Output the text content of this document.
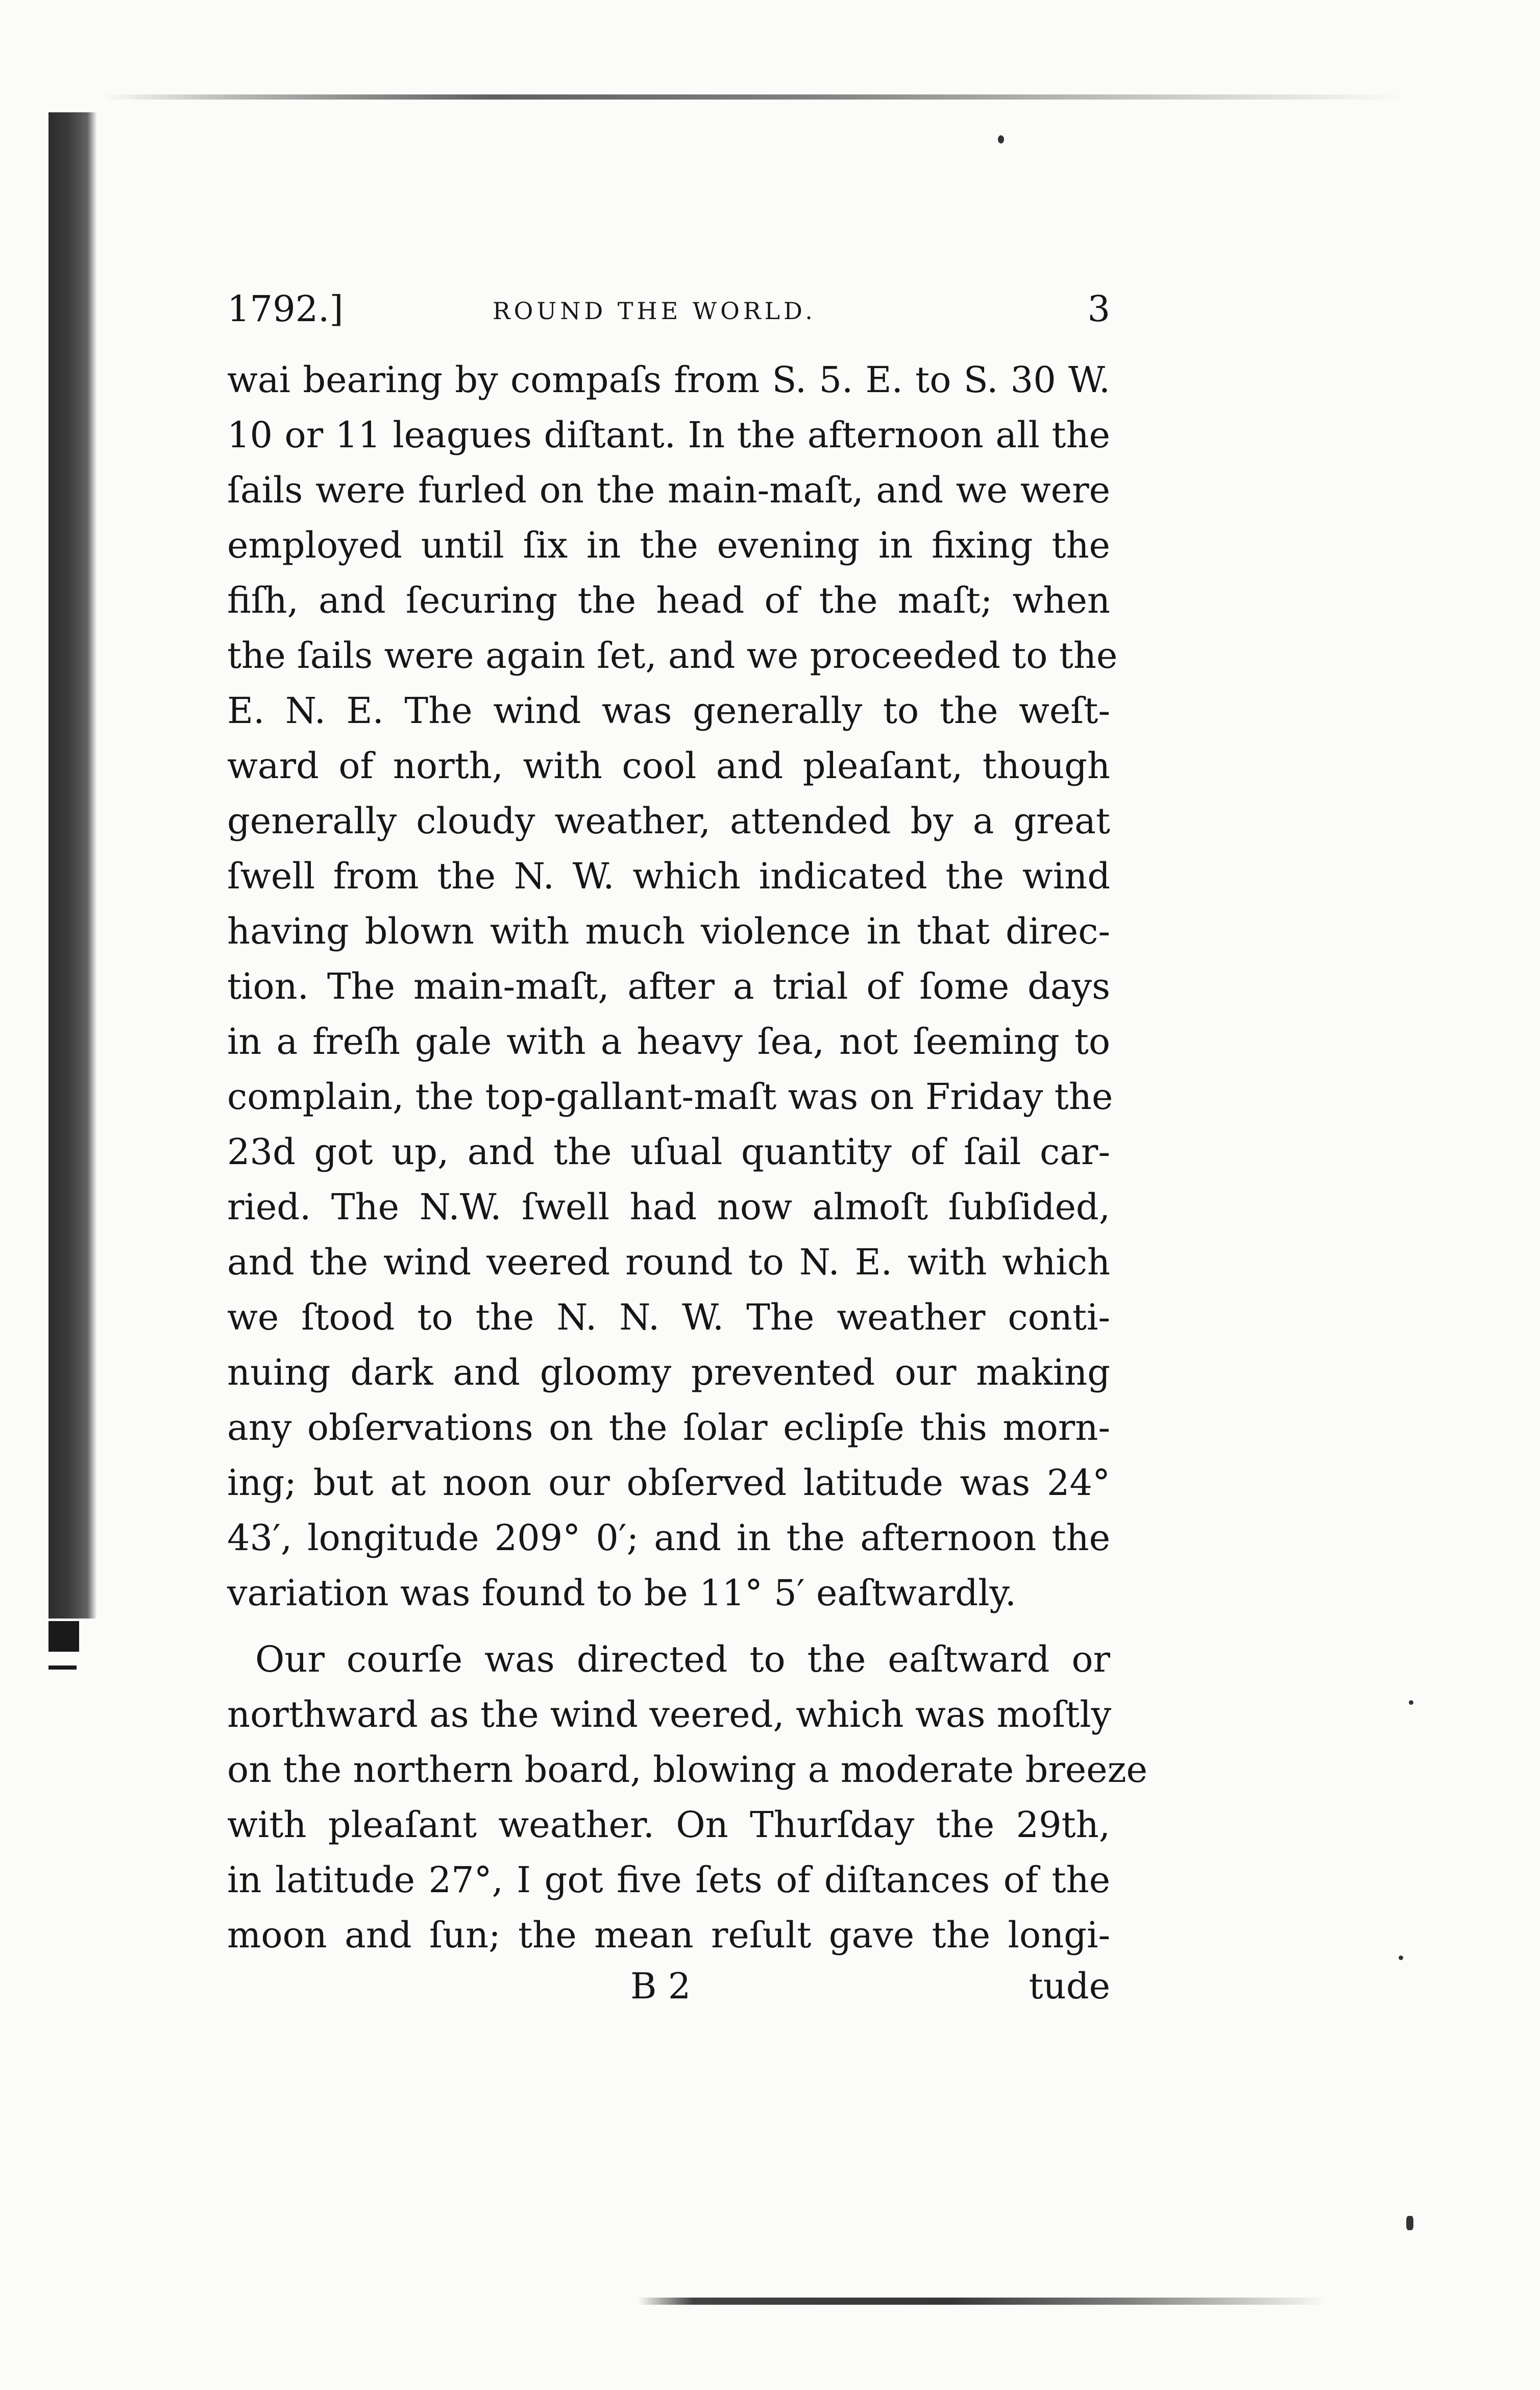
1792.]	ROUND THE WORLD.	3
wai bearing by compaſs from S. 5. E. to S. 30 W.
10 or 11 leagues diſtant. In the afternoon all the
ſails were furled on the main-maſt, and we were
employed until ſix in the evening in fixing the
fiſh, and ſecuring the head of the maſt; when
the ſails were again ſet, and we proceeded to the
E. N. E. The wind was generally to the weſt-
ward of north, with cool and pleaſant, though
generally cloudy weather, attended by a great
ſwell from the N. W. which indicated the wind
having blown with much violence in that direc-
tion. The main-maſt, after a trial of ſome days
in a freſh gale with a heavy ſea, not ſeeming to
complain, the top-gallant-maſt was on Friday the
23d got up, and the uſual quantity of ſail car-
ried. The N.W. ſwell had now almoſt ſubſided,
and the wind veered round to N. E. with which
we ſtood to the N. N. W. The weather conti-
nuing dark and gloomy prevented our making
any obſervations on the ſolar eclipſe this morn-
ing; but at noon our obſerved latitude was 24°
43′, longitude 209° 0′; and in the afternoon the
variation was found to be 11° 5′ eaſtwardly.
Our courſe was directed to the eaſtward or
northward as the wind veered, which was moſtly
on the northern board, blowing a moderate breeze
with pleaſant weather. On Thurſday the 29th,
in latitude 27°, I got five ſets of diſtances of the
moon and ſun; the mean reſult gave the longi-
B 2	tude
